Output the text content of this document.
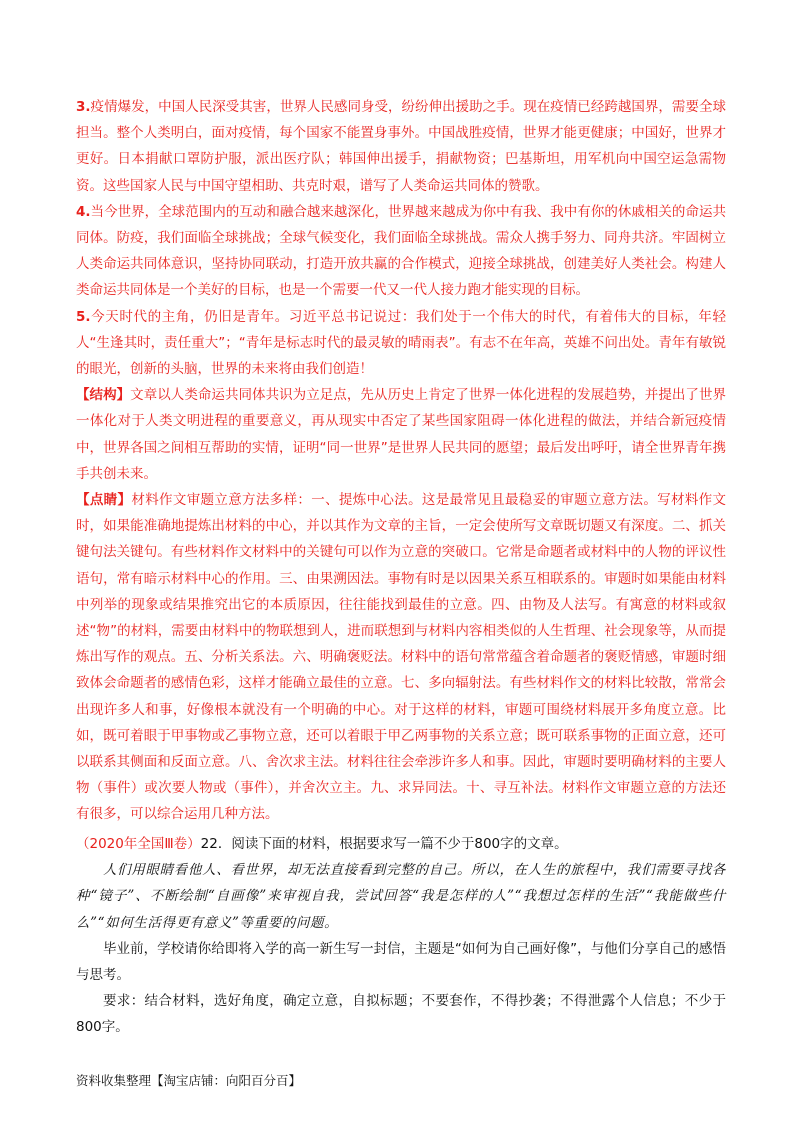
3.疫情爆发，中国人民深受其害，世界人民感同身受，纷纷伸出援助之手。现在疫情已经跨越国界，需要全球担当。整个人类明白，面对疫情，每个国家不能置身事外。中国战胜疫情，世界才能更健康；中国好，世界才更好。日本捐献口罩防护服，派出医疗队；韩国伸出援手，捐献物资；巴基斯坦，用军机向中国空运急需物资。这些国家人民与中国守望相助、共克时艰，谱写了人类命运共同体的赞歌。

4.当今世界，全球范围内的互动和融合越来越深化，世界越来越成为你中有我、我中有你的休戚相关的命运共同体。防疫，我们面临全球挑战；全球气候变化，我们面临全球挑战。需众人携手努力、同舟共济。牢固树立人类命运共同体意识，坚持协同联动，打造开放共赢的合作模式，迎接全球挑战，创建美好人类社会。构建人类命运共同体是一个美好的目标，也是一个需要一代又一代人接力跑才能实现的目标。

5.今天时代的主角，仍旧是青年。习近平总书记说过：我们处于一个伟大的时代，有着伟大的目标，年轻人“生逢其时，责任重大”；“青年是标志时代的最灵敏的晴雨表”。有志不在年高，英雄不问出处。青年有敏锐的眼光，创新的头脑，世界的未来将由我们创造！

【结构】文章以人类命运共同体共识为立足点，先从历史上肯定了世界一体化进程的发展趋势，并提出了世界一体化对于人类文明进程的重要意义，再从现实中否定了某些国家阻碍一体化进程的做法，并结合新冠疫情中，世界各国之间相互帮助的实情，证明“同一世界”是世界人民共同的愿望；最后发出呼吁，请全世界青年携手共创未来。

【点睛】材料作文审题立意方法多样：一、提炼中心法。这是最常见且最稳妥的审题立意方法。写材料作文时，如果能准确地提炼出材料的中心，并以其作为文章的主旨，一定会使所写文章既切题又有深度。二、抓关键句法关键句。有些材料作文材料中的关键句可以作为立意的突破口。它常是命题者或材料中的人物的评议性语句，常有暗示材料中心的作用。三、由果溯因法。事物有时是以因果关系互相联系的。审题时如果能由材料中列举的现象或结果推究出它的本质原因，往往能找到最佳的立意。四、由物及人法写。有寓意的材料或叙述“物”的材料，需要由材料中的物联想到人，进而联想到与材料内容相类似的人生哲理、社会现象等，从而提炼出写作的观点。五、分析关系法。六、明确褒贬法。材料中的语句常常蕴含着命题者的褒贬情感，审题时细致体会命题者的感情色彩，这样才能确立最佳的立意。七、多向辐射法。有些材料作文的材料比较散，常常会出现许多人和事，好像根本就没有一个明确的中心。对于这样的材料，审题可围绕材料展开多角度立意。比如，既可着眼于甲事物或乙事物立意，还可以着眼于甲乙两事物的关系立意；既可联系事物的正面立意，还可以联系其侧面和反面立意。八、舍次求主法。材料往往会牵涉许多人和事。因此，审题时要明确材料的主要人物（事件）或次要人物或（事件），并舍次立主。九、求异同法。十、寻互补法。材料作文审题立意的方法还有很多，可以综合运用几种方法。

（2020年全国Ⅲ卷）22．阅读下面的材料，根据要求写一篇不少于800字的文章。

人们用眼睛看他人、看世界，却无法直接看到完整的自己。所以，在人生的旅程中，我们需要寻找各种“镜子”、不断绘制“自画像”来审视自我，尝试回答“我是怎样的人”“我想过怎样的生活”“我能做些什么”“如何生活得更有意义”等重要的问题。

毕业前，学校请你给即将入学的高一新生写一封信，主题是“如何为自己画好像”，与他们分享自己的感悟与思考。

要求：结合材料，选好角度，确定立意，自拟标题；不要套作，不得抄袭；不得泄露个人信息；不少于800字。

资料收集整理【淘宝店铺：向阳百分百】
